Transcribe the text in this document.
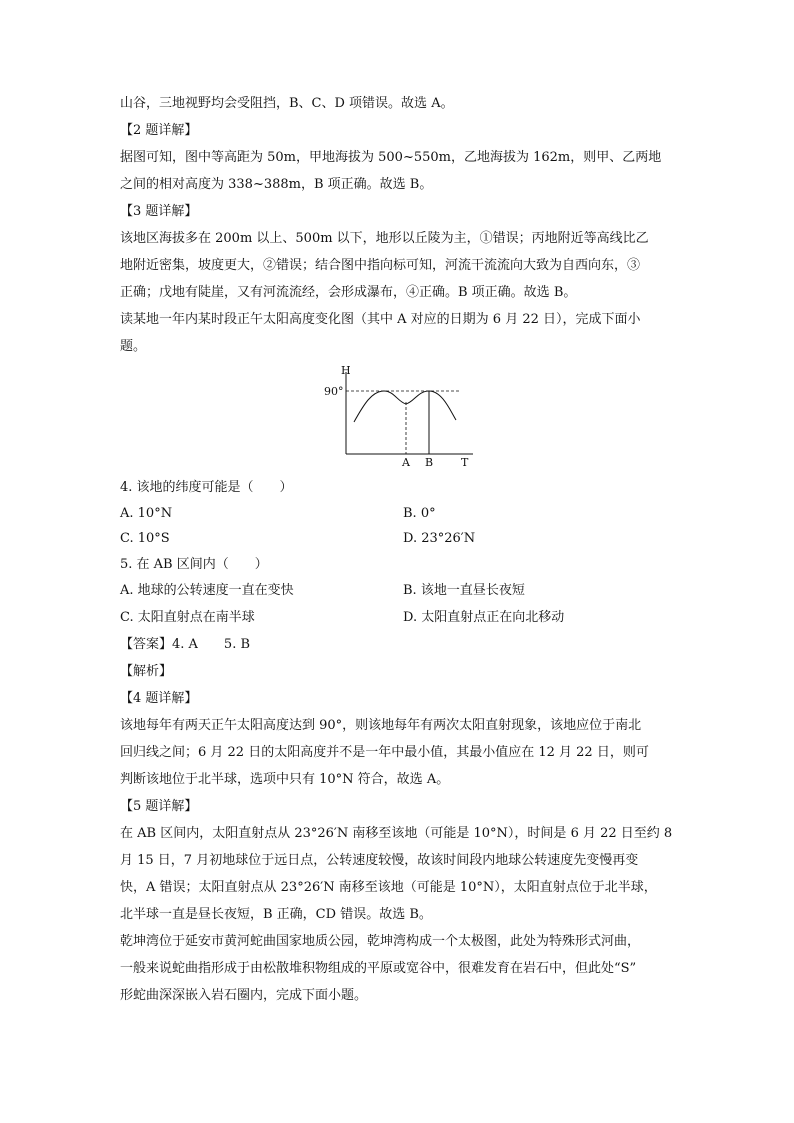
山谷，三地视野均会受阻挡，B、C、D 项错误。故选 A。
【2 题详解】
据图可知，图中等高距为 50m，甲地海拔为 500~550m，乙地海拔为 162m，则甲、乙两地
之间的相对高度为 338~388m，B 项正确。故选 B。
【3 题详解】
该地区海拔多在 200m 以上、500m 以下，地形以丘陵为主，①错误；丙地附近等高线比乙
地附近密集，坡度更大，②错误；结合图中指向标可知，河流干流流向大致为自西向东，③
正确；戊地有陡崖，又有河流流经，会形成瀑布，④正确。B 项正确。故选 B。
读某地一年内某时段正午太阳高度变化图（其中 A 对应的日期为 6 月 22 日），完成下面小
题。
H
90°
T
A B
4. 该地的纬度可能是（　　）
A. 10°N	B. 0°
C. 10°S	D. 23°26′N
5. 在 AB 区间内（　　）
A. 地球的公转速度一直在变快	B. 该地一直昼长夜短
C. 太阳直射点在南半球	D. 太阳直射点正在向北移动
【答案】4. A　　5. B
【解析】
【4 题详解】
该地每年有两天正午太阳高度达到 90°，则该地每年有两次太阳直射现象，该地应位于南北
回归线之间；6 月 22 日的太阳高度并不是一年中最小值，其最小值应在 12 月 22 日，则可
判断该地位于北半球，选项中只有 10°N 符合，故选 A。
【5 题详解】
在 AB 区间内，太阳直射点从 23°26′N 南移至该地（可能是 10°N），时间是 6 月 22 日至约 8
月 15 日，7 月初地球位于远日点，公转速度较慢，故该时间段内地球公转速度先变慢再变
快，A 错误；太阳直射点从 23°26′N 南移至该地（可能是 10°N），太阳直射点位于北半球，
北半球一直是昼长夜短，B 正确，CD 错误。故选 B。
乾坤湾位于延安市黄河蛇曲国家地质公园，乾坤湾构成一个太极图，此处为特殊形式河曲，
一般来说蛇曲指形成于由松散堆积物组成的平原或宽谷中，很难发育在岩石中，但此处“S”
形蛇曲深深嵌入岩石圈内，完成下面小题。
